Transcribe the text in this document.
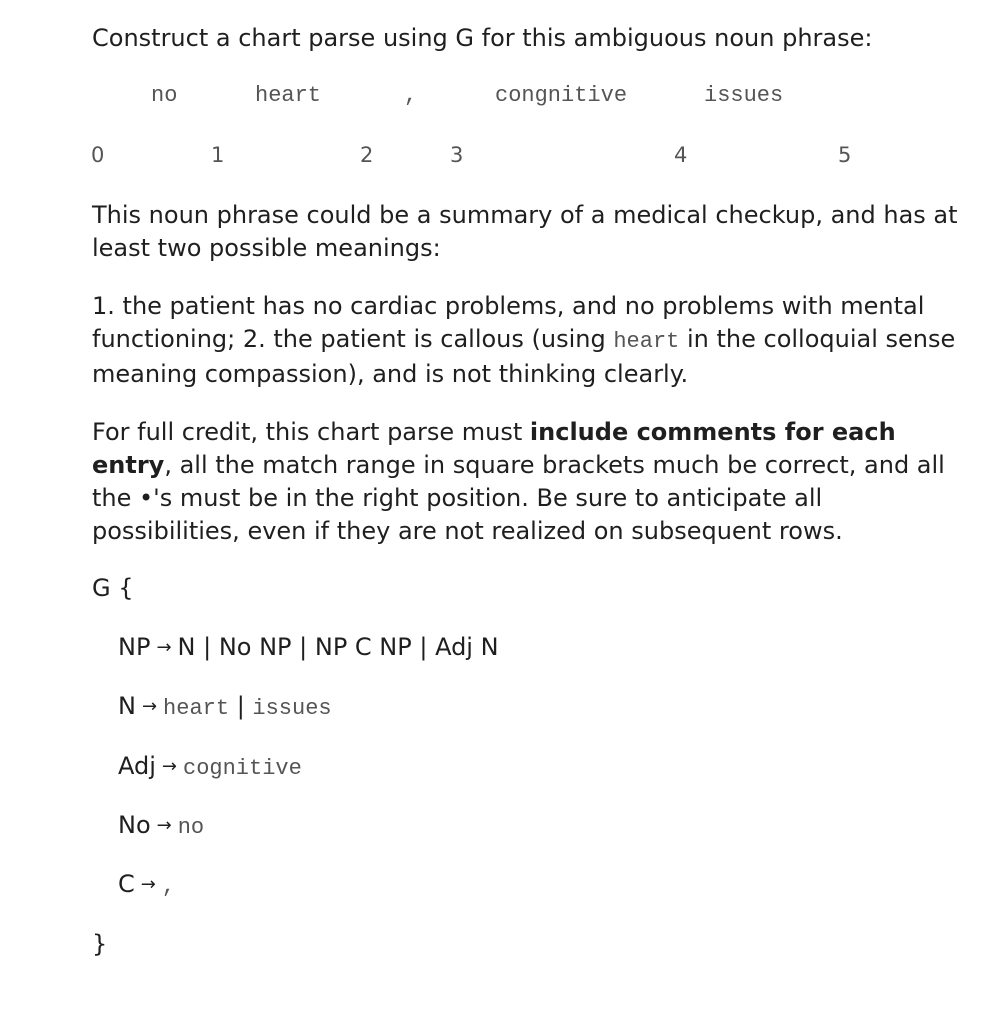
Construct a chart parse using G for this ambiguous noun phrase:
no	heart	,	congnitive	issues
0	1	2	3	4	5
This noun phrase could be a summary of a medical checkup, and has at least two possible meanings:
1. the patient has no cardiac problems, and no problems with mental functioning; 2. the patient is callous (using heart in the colloquial sense meaning compassion), and is not thinking clearly.
For full credit, this chart parse must include comments for each entry, all the match range in square brackets much be correct, and all the •'s must be in the right position. Be sure to anticipate all possibilities, even if they are not realized on subsequent rows.
G {
NP → N | No NP | NP C NP | Adj N
N → heart | issues
Adj → cognitive
No → no
C → ,
}
